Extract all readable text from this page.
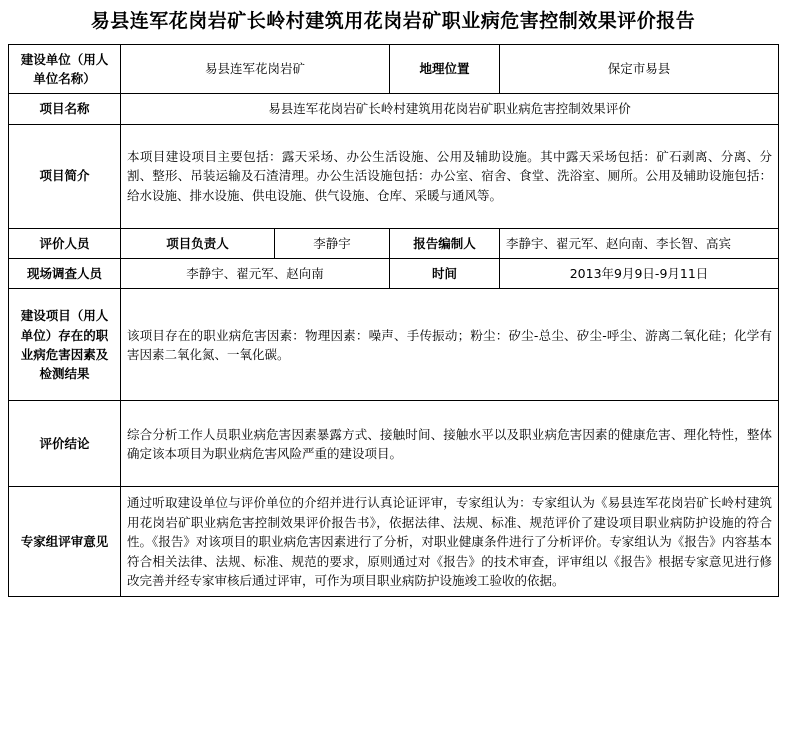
易县连军花岗岩矿长岭村建筑用花岗岩矿职业病危害控制效果评价报告
建设单位（用人单位名称）	易县连军花岗岩矿		地理位置	保定市易县
项目名称	易县连军花岗岩矿长岭村建筑用花岗岩矿职业病危害控制效果评价			
项目简介	本项目建设项目主要包括：露天采场、办公生活设施、公用及辅助设施。其中露天采场包括：矿石剥离、分离、分割、整形、吊装运输及石渣清理。办公生活设施包括：办公室、宿舍、食堂、洗浴室、厕所。公用及辅助设施包括：给水设施、排水设施、供电设施、供气设施、仓库、采暖与通风等。			
评价人员	项目负责人	李静宇	报告编制人	李静宇、翟元军、赵向南、李长智、高宾
现场调查人员	李静宇、翟元军、赵向南		时间	2013年9月9日-9月11日
建设项目（用人单位）存在的职业病危害因素及检测结果	该项目存在的职业病危害因素：物理因素：噪声、手传振动；粉尘：矽尘-总尘、矽尘-呼尘、游离二氧化硅；化学有害因素二氧化氮、一氧化碳。			
评价结论	综合分析工作人员职业病危害因素暴露方式、接触时间、接触水平以及职业病危害因素的健康危害、理化特性，整体确定该本项目为职业病危害风险严重的建设项目。			
专家组评审意见	通过听取建设单位与评价单位的介绍并进行认真论证评审，专家组认为：专家组认为《易县连军花岗岩矿长岭村建筑用花岗岩矿职业病危害控制效果评价报告书》，依据法律、法规、标准、规范评价了建设项目职业病防护设施的符合性。《报告》对该项目的职业病危害因素进行了分析，对职业健康条件进行了分析评价。专家组认为《报告》内容基本符合相关法律、法规、标准、规范的要求，原则通过对《报告》的技术审查，评审组以《报告》根据专家意见进行修改完善并经专家审核后通过评审，可作为项目职业病防护设施竣工验收的依据。			
